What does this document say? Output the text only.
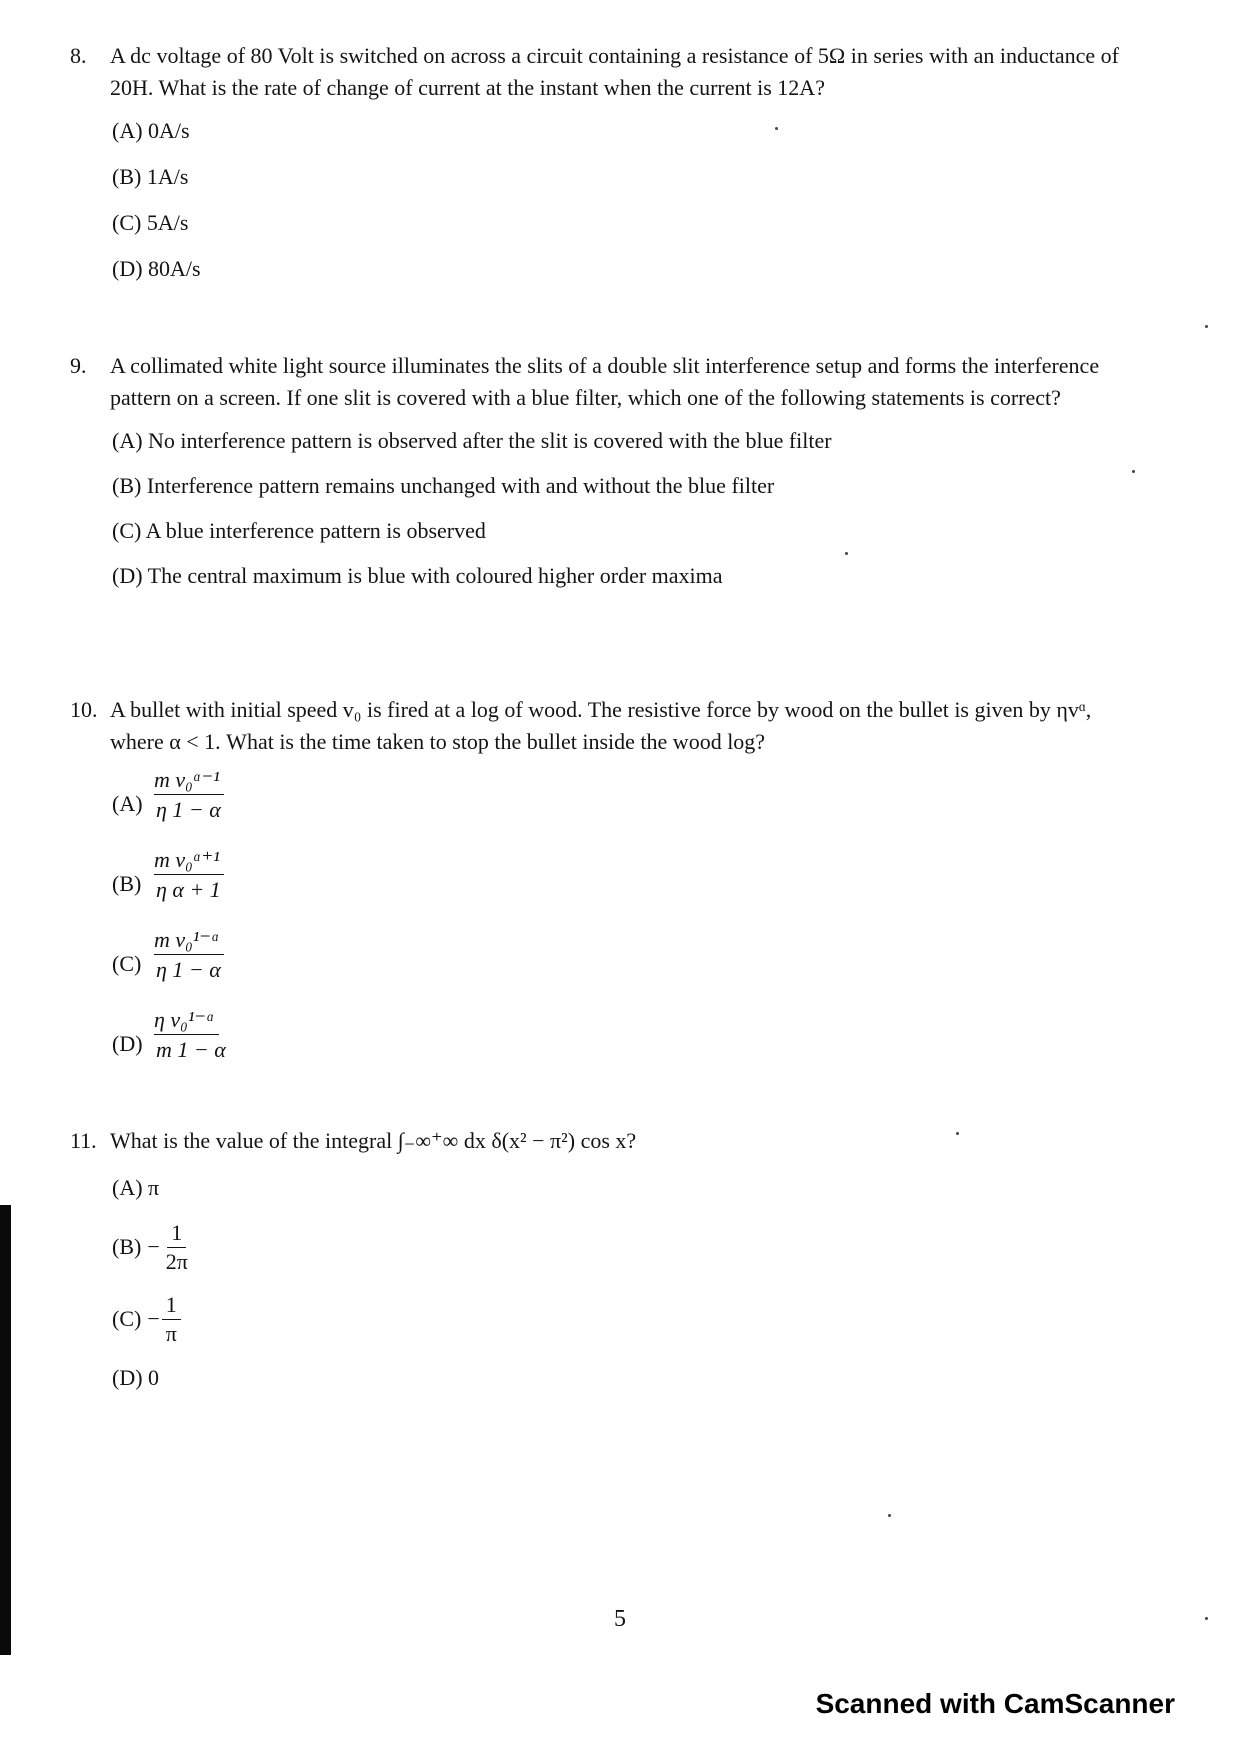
8.	A dc voltage of 80 Volt is switched on across a circuit containing a resistance of 5Ω in series with an inductance of 20H. What is the rate of change of current at the instant when the current is 12A?
(A) 0A/s
(B) 1A/s
(C) 5A/s
(D) 80A/s
9.	A collimated white light source illuminates the slits of a double slit interference setup and forms the interference pattern on a screen. If one slit is covered with a blue filter, which one of the following statements is correct?
(A) No interference pattern is observed after the slit is covered with the blue filter
(B) Interference pattern remains unchanged with and without the blue filter
(C) A blue interference pattern is observed
(D) The central maximum is blue with coloured higher order maxima
10. A bullet with initial speed v₀ is fired at a log of wood. The resistive force by wood on the bullet is given by ηvᵅ, where α < 1. What is the time taken to stop the bullet inside the wood log?
$(A) \frac{\text{m v₀ᵅ⁻¹}}{\eta 1 - \alpha}$
$(B) \frac{\text{m v₀ᵅ⁺¹}}{\text{η α + 1}}$
$(C) \frac{\text{m v₀¹⁻ᵅ}}{\eta 1 - \alpha}$
$(D) \frac{\text{η v₀¹⁻ᵅ}}{m 1 - \alpha}$
11. What is the value of the integral ∫₋∞⁺∞ dx δ(x² − π²) cos x?
(A) π
$(B) - \frac{1}{2\pi}$
$(C) - \frac{1}{\pi}$
(D) 0
5
Scanned with CamScanner
